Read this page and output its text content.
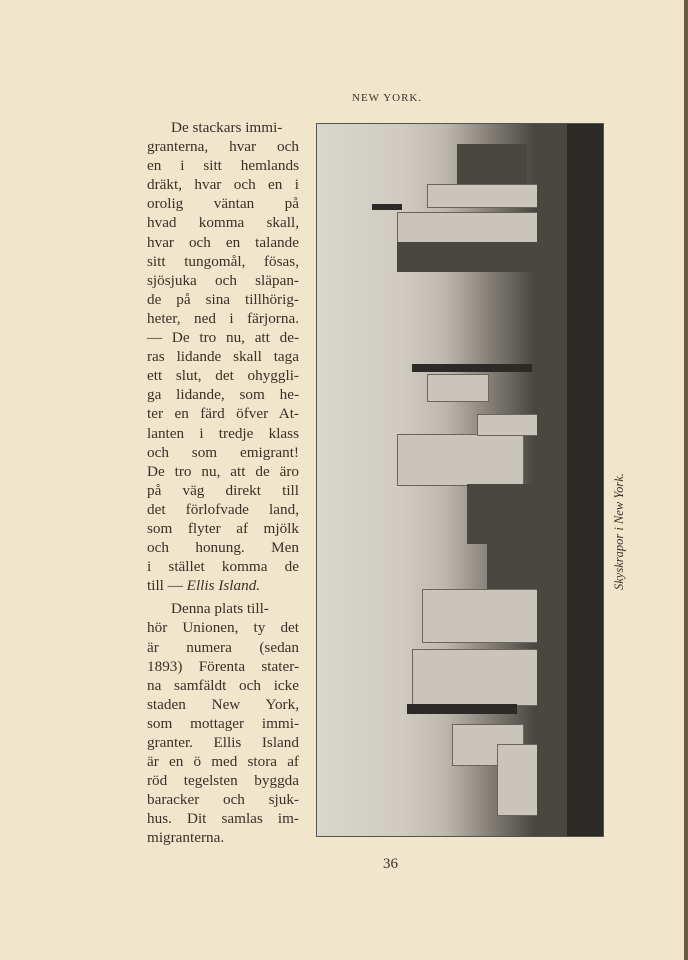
NEW YORK.
De stackars immi-
granterna, hvar och
en i sitt hemlands
dräkt, hvar och en i
orolig väntan på
hvad komma skall,
hvar och en talande
sitt tungomål, fösas,
sjösjuka och släpan-
de på sina tillhörig-
heter, ned i färjorna.
— De tro nu, att de-
ras lidande skall taga
ett slut, det ohyggli-
ga lidande, som he-
ter en färd öfver At-
lanten i tredje klass
och som emigrant!
De tro nu, att de äro
på väg direkt till
det förlofvade land,
som flyter af mjölk
och honung. Men
i stället komma de
till — Ellis Island.
Denna plats till-
hör Unionen, ty det
är numera (sedan
1893) Förenta stater-
na samfäldt och icke
staden New York,
som mottager immi-
granter. Ellis Island
är en ö med stora af
röd tegelsten byggda
baracker och sjuk-
hus. Dit samlas im-
migranterna.
Skyskrapor i New York.
36
